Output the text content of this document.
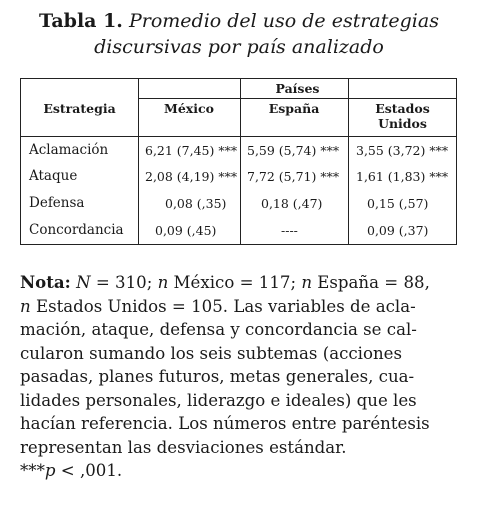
Tabla 1. Promedio del uso de estrategias
discursivas por país analizado
Países
Estrategia	México	España	Estados Unidos
Aclamación	6,21 (7,45) *** 5,59 (5,74) *** 3,55 (3,72) ***
Ataque	2,08 (4,19) *** 7,72 (5,71) *** 1,61 (1,83) ***
Defensa	0,08 (,35)	0,18 (,47)	0,15 (,57)
Concordancia	0,09 (,45)	----	0,09 (,37)
Nota: N = 310; n México = 117; n España = 88,
n Estados Unidos = 105. Las variables de acla-
mación, ataque, defensa y concordancia se cal-
cularon sumando los seis subtemas (acciones
pasadas, planes futuros, metas generales, cua-
lidades personales, liderazgo e ideales) que les
hacían referencia. Los números entre paréntesis
representan las desviaciones estándar.
***p < ,001.
